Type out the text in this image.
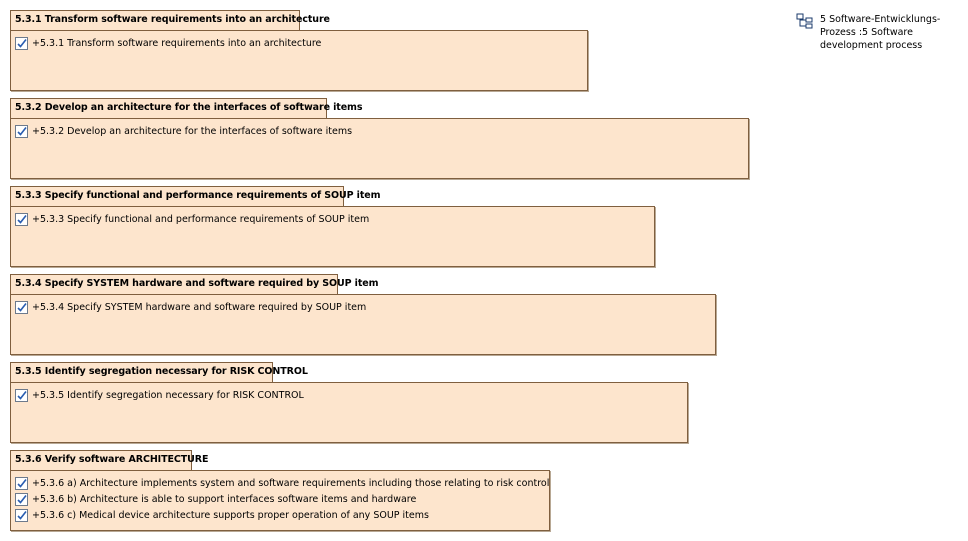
5.3.1 Transform software requirements into an architecture
+5.3.1 Transform software requirements into an architecture
5.3.2 Develop an architecture for the interfaces of software items
+5.3.2 Develop an architecture for the interfaces of software items
5.3.3 Specify functional and performance requirements of SOUP item
+5.3.3 Specify functional and performance requirements of SOUP item
5.3.4 Specify SYSTEM hardware and software required by SOUP item
+5.3.4 Specify SYSTEM hardware and software required by SOUP item
5.3.5 Identify segregation necessary for RISK CONTROL
+5.3.5 Identify segregation necessary for RISK CONTROL
5.3.6 Verify software ARCHITECTURE
+5.3.6 a) Architecture implements system and software requirements including those relating to risk control
+5.3.6 b) Architecture is able to support interfaces software items and hardware
+5.3.6 c) Medical device architecture supports proper operation of any SOUP items
5 Software-Entwicklungs-Prozess :5 Software development process
